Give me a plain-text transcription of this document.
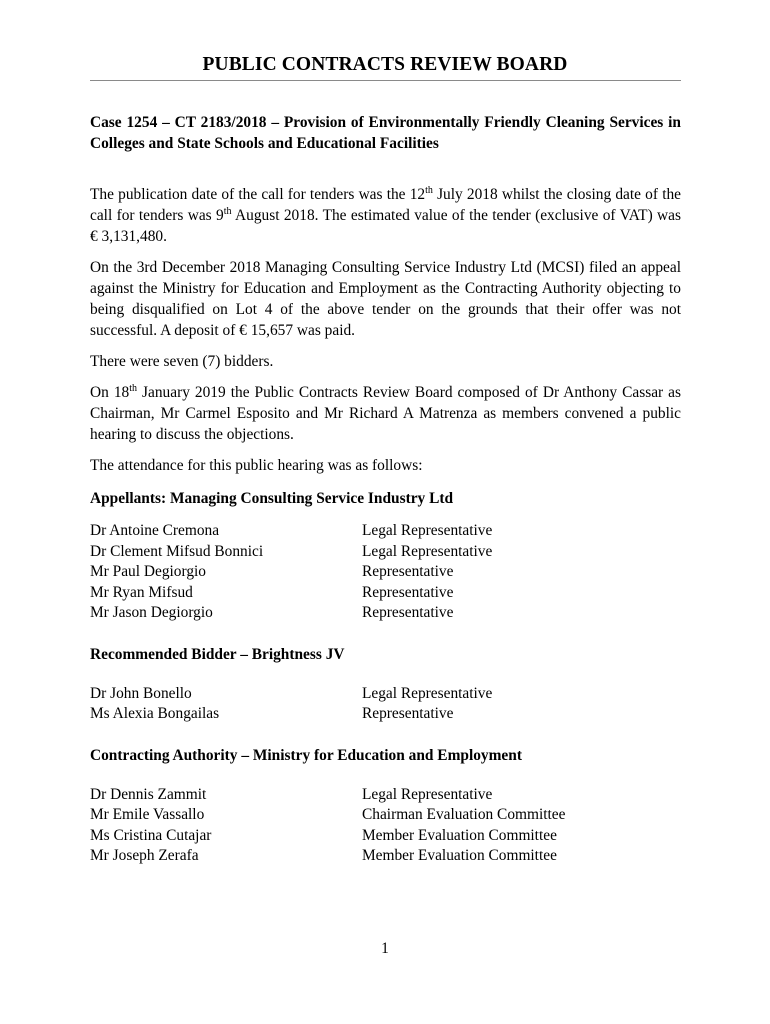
PUBLIC CONTRACTS REVIEW BOARD

Case 1254 – CT 2183/2018 – Provision of Environmentally Friendly Cleaning Services in Colleges and State Schools and Educational Facilities

The publication date of the call for tenders was the 12th July 2018 whilst the closing date of the call for tenders was 9th August 2018. The estimated value of the tender (exclusive of VAT) was € 3,131,480.

On the 3rd December 2018 Managing Consulting Service Industry Ltd (MCSI) filed an appeal against the Ministry for Education and Employment as the Contracting Authority objecting to being disqualified on Lot 4 of the above tender on the grounds that their offer was not successful. A deposit of € 15,657 was paid.

There were seven (7) bidders.

On 18th January 2019 the Public Contracts Review Board composed of Dr Anthony Cassar as Chairman, Mr Carmel Esposito and Mr Richard A Matrenza as members convened a public hearing to discuss the objections.

The attendance for this public hearing was as follows:

Appellants: Managing Consulting Service Industry Ltd

Dr Antoine Cremona	Legal Representative
Dr Clement Mifsud Bonnici	Legal Representative
Mr Paul Degiorgio	Representative
Mr Ryan Mifsud	Representative
Mr Jason Degiorgio	Representative

Recommended Bidder – Brightness JV

Dr John Bonello	Legal Representative
Ms Alexia Bongailas	Representative

Contracting Authority – Ministry for Education and Employment

Dr Dennis Zammit	Legal Representative
Mr Emile Vassallo	Chairman Evaluation Committee
Ms Cristina Cutajar	Member Evaluation Committee
Mr Joseph Zerafa	Member Evaluation Committee
1
